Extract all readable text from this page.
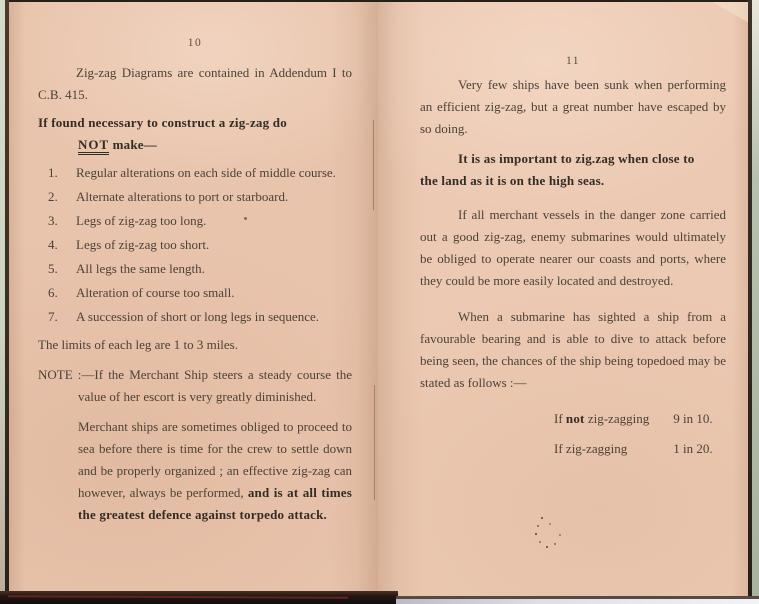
10

Zig-zag Diagrams are contained in Addendum I to C.B. 415.

If found necessary to construct a zig-zag do
NOT make—

1.	Regular alterations on each side of middle course.
2.	Alternate alterations to port or starboard.
3.	Legs of zig-zag too long.
4.	Legs of zig-zag too short.
5.	All legs the same length.
6.	Alteration of course too small.
7.	A succession of short or long legs in sequence.

The limits of each leg are 1 to 3 miles.

NOTE :—If the Merchant Ship steers a steady course the value of her escort is very greatly diminished.

Merchant ships are sometimes obliged to proceed to sea before there is time for the crew to settle down and be properly organized ; an effective zig-zag can however, always be performed, and is at all times the greatest defence against torpedo attack.

11

Very few ships have been sunk when performing an efficient zig-zag, but a great number have escaped by so doing.

It is as important to zig.zag when close to
the land as it is on the high seas.

If all merchant vessels in the danger zone carried out a good zig-zag, enemy submarines would ultimately be obliged to operate nearer our coasts and ports, where they could be more easily located and destroyed.

When a submarine has sighted a ship from a favourable bearing and is able to dive to attack before being seen, the chances of the ship being topedoed may be stated as follows :—

If not zig-zagging 9 in 10.
If zig-zagging	1 in 20.
